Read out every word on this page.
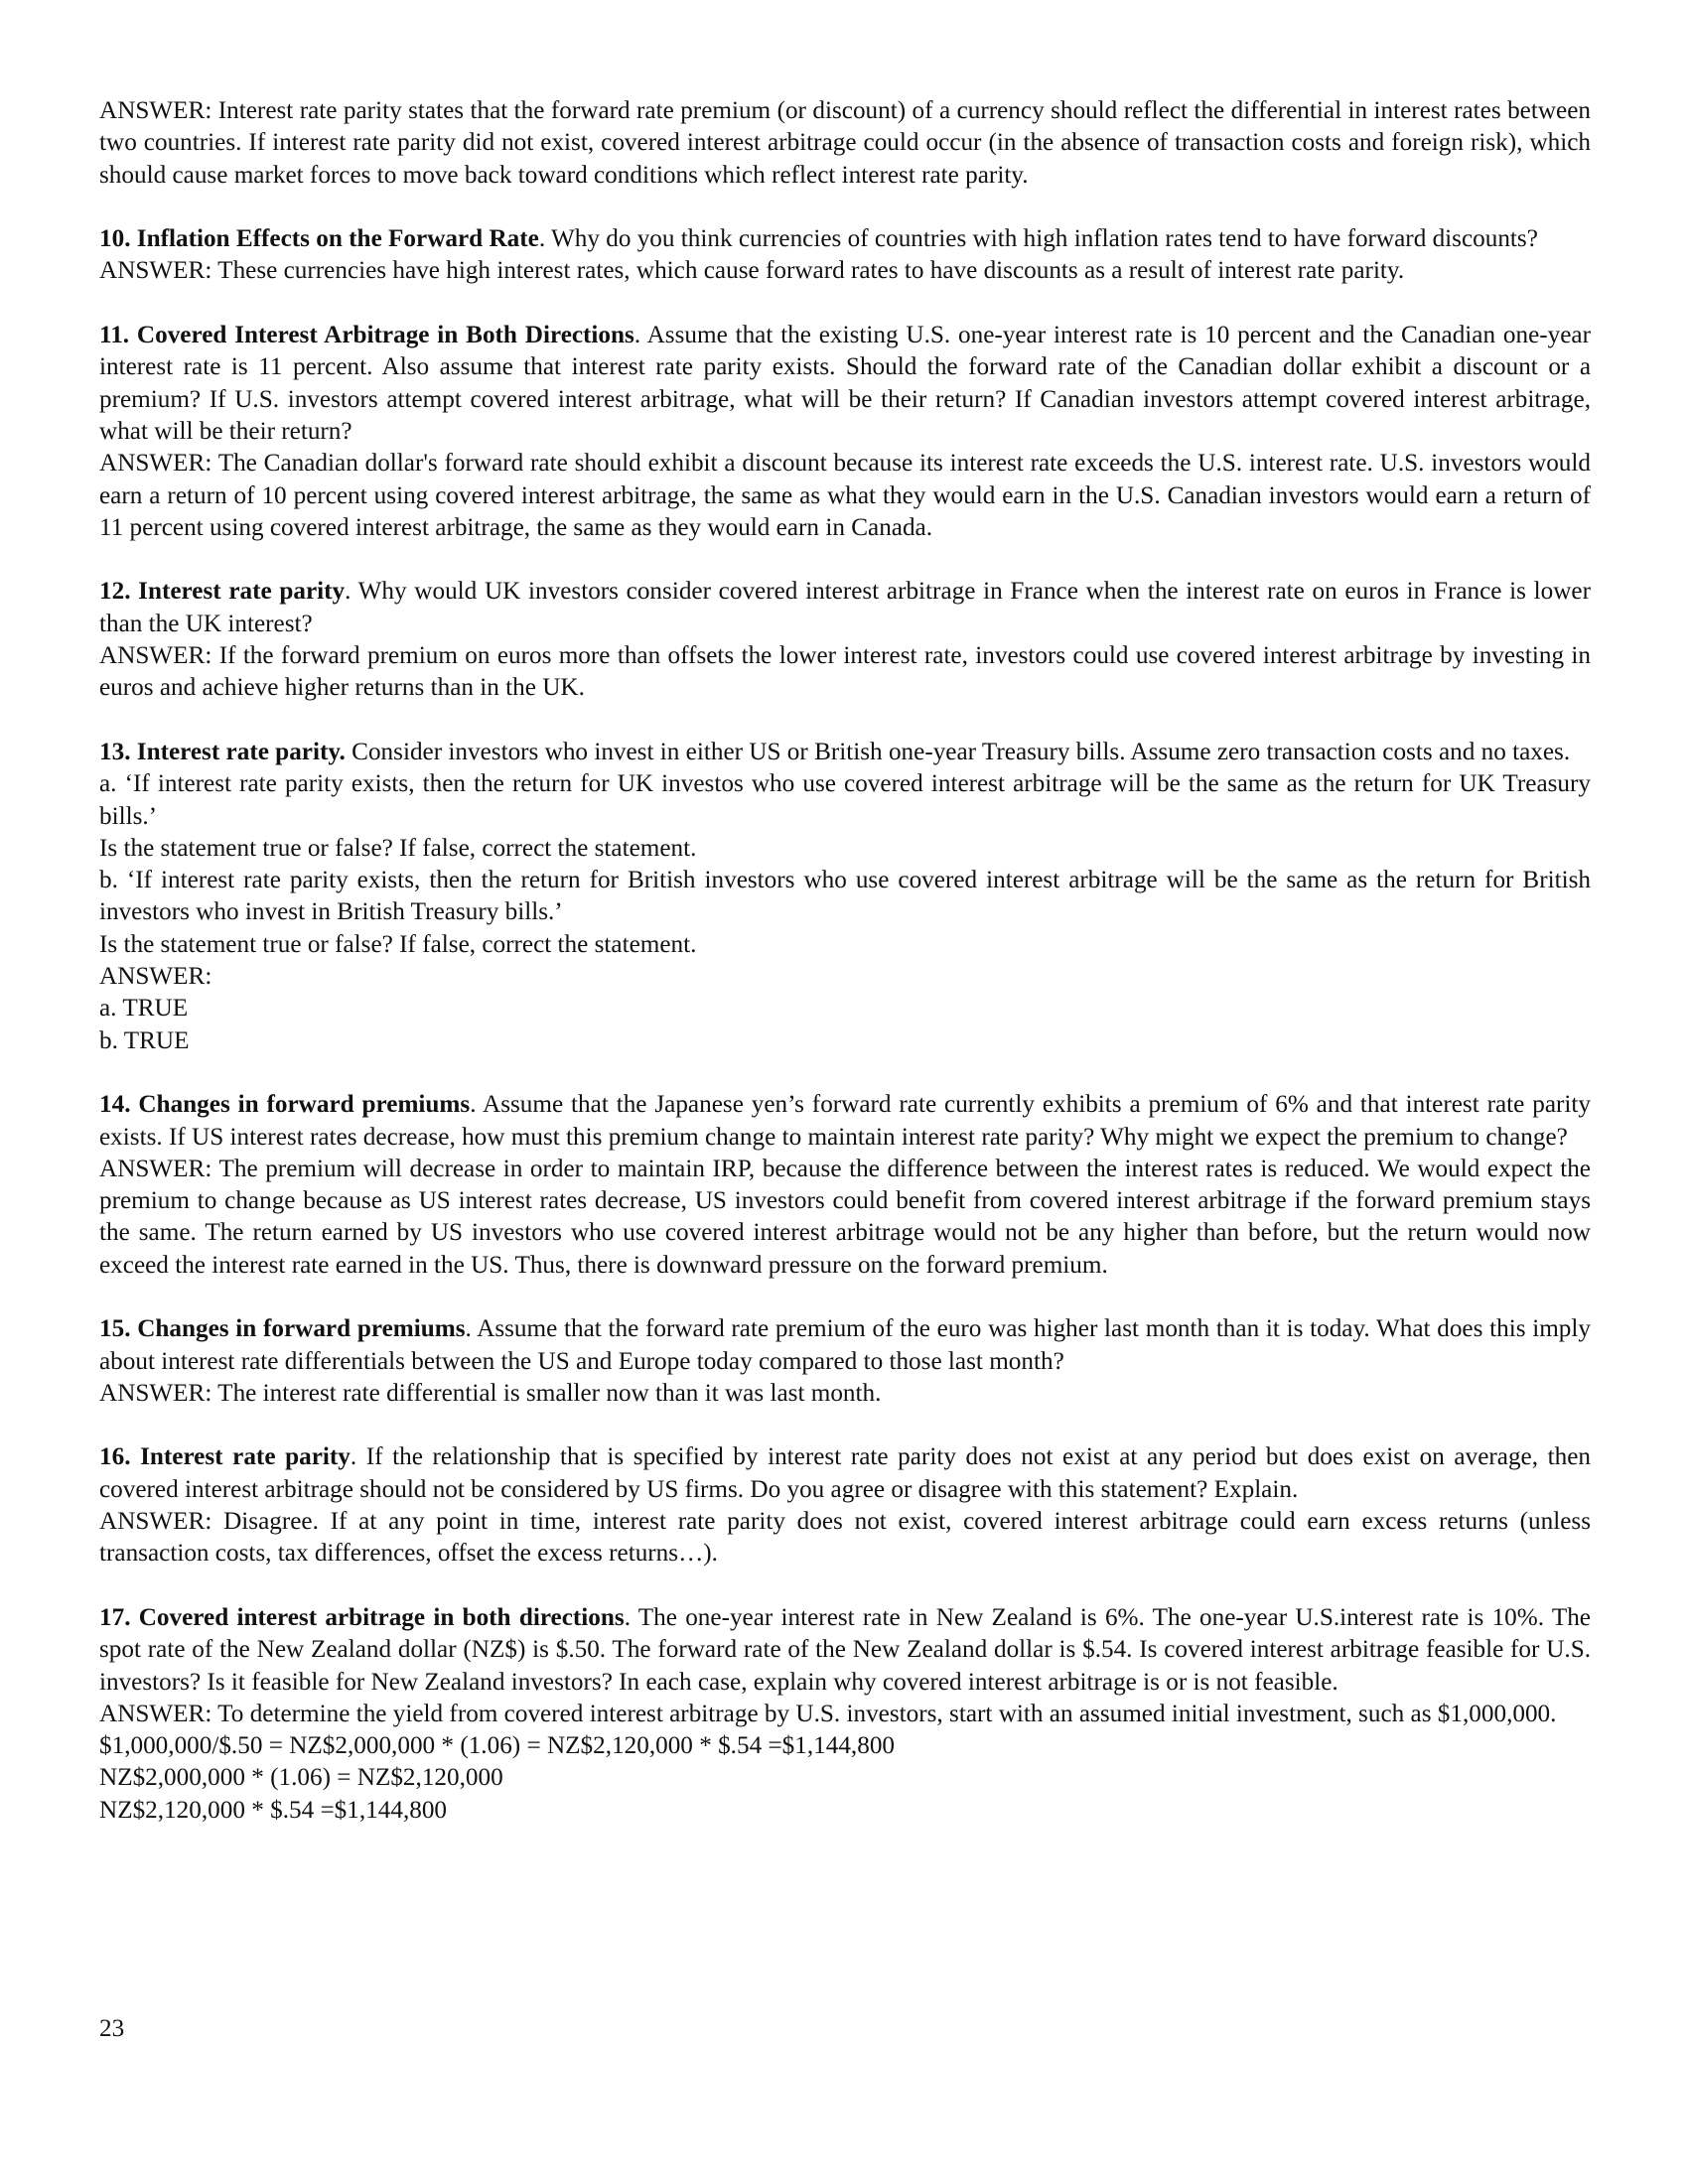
ANSWER: Interest rate parity states that the forward rate premium (or discount) of a currency should reflect the differential in interest rates between two countries. If interest rate parity did not exist, covered interest arbitrage could occur (in the absence of transaction costs and foreign risk), which should cause market forces to move back toward conditions which reflect interest rate parity.

10. Inflation Effects on the Forward Rate. Why do you think currencies of countries with high inflation rates tend to have forward discounts?

ANSWER: These currencies have high interest rates, which cause forward rates to have discounts as a result of interest rate parity.

11. Covered Interest Arbitrage in Both Directions. Assume that the existing U.S. one-year interest rate is 10 percent and the Canadian one-year interest rate is 11 percent. Also assume that interest rate parity exists. Should the forward rate of the Canadian dollar exhibit a discount or a premium? If U.S. investors attempt covered interest arbitrage, what will be their return? If Canadian investors attempt covered interest arbitrage, what will be their return?

ANSWER: The Canadian dollar's forward rate should exhibit a discount because its interest rate exceeds the U.S. interest rate. U.S. investors would earn a return of 10 percent using covered interest arbitrage, the same as what they would earn in the U.S. Canadian investors would earn a return of 11 percent using covered interest arbitrage, the same as they would earn in Canada.

12. Interest rate parity. Why would UK investors consider covered interest arbitrage in France when the interest rate on euros in France is lower than the UK interest?

ANSWER: If the forward premium on euros more than offsets the lower interest rate, investors could use covered interest arbitrage by investing in euros and achieve higher returns than in the UK.

13. Interest rate parity. Consider investors who invest in either US or British one-year Treasury bills. Assume zero transaction costs and no taxes.

a. ‘If interest rate parity exists, then the return for UK investos who use covered interest arbitrage will be the same as the return for UK Treasury bills.’

Is the statement true or false? If false, correct the statement.

b. ‘If interest rate parity exists, then the return for British investors who use covered interest arbitrage will be the same as the return for British investors who invest in British Treasury bills.’

Is the statement true or false? If false, correct the statement.

ANSWER:

a. TRUE

b. TRUE

14. Changes in forward premiums. Assume that the Japanese yen’s forward rate currently exhibits a premium of 6% and that interest rate parity exists. If US interest rates decrease, how must this premium change to maintain interest rate parity? Why might we expect the premium to change?

ANSWER: The premium will decrease in order to maintain IRP, because the difference between the interest rates is reduced. We would expect the premium to change because as US interest rates decrease, US investors could benefit from covered interest arbitrage if the forward premium stays the same. The return earned by US investors who use covered interest arbitrage would not be any higher than before, but the return would now exceed the interest rate earned in the US. Thus, there is downward pressure on the forward premium.

15. Changes in forward premiums. Assume that the forward rate premium of the euro was higher last month than it is today. What does this imply about interest rate differentials between the US and Europe today compared to those last month?

ANSWER: The interest rate differential is smaller now than it was last month.

16. Interest rate parity. If the relationship that is specified by interest rate parity does not exist at any period but does exist on average, then covered interest arbitrage should not be considered by US firms. Do you agree or disagree with this statement? Explain.

ANSWER: Disagree. If at any point in time, interest rate parity does not exist, covered interest arbitrage could earn excess returns (unless transaction costs, tax differences, offset the excess returns…).

17. Covered interest arbitrage in both directions. The one-year interest rate in New Zealand is 6%. The one-year U.S.interest rate is 10%. The spot rate of the New Zealand dollar (NZ$) is $.50. The forward rate of the New Zealand dollar is $.54. Is covered interest arbitrage feasible for U.S. investors? Is it feasible for New Zealand investors? In each case, explain why covered interest arbitrage is or is not feasible.

ANSWER: To determine the yield from covered interest arbitrage by U.S. investors, start with an assumed initial investment, such as $1,000,000.

$1,000,000/$.50 = NZ$2,000,000 * (1.06) = NZ$2,120,000 * $.54 =$1,144,800

NZ$2,000,000 * (1.06) = NZ$2,120,000

NZ$2,120,000 * $.54 =$1,144,800

23
